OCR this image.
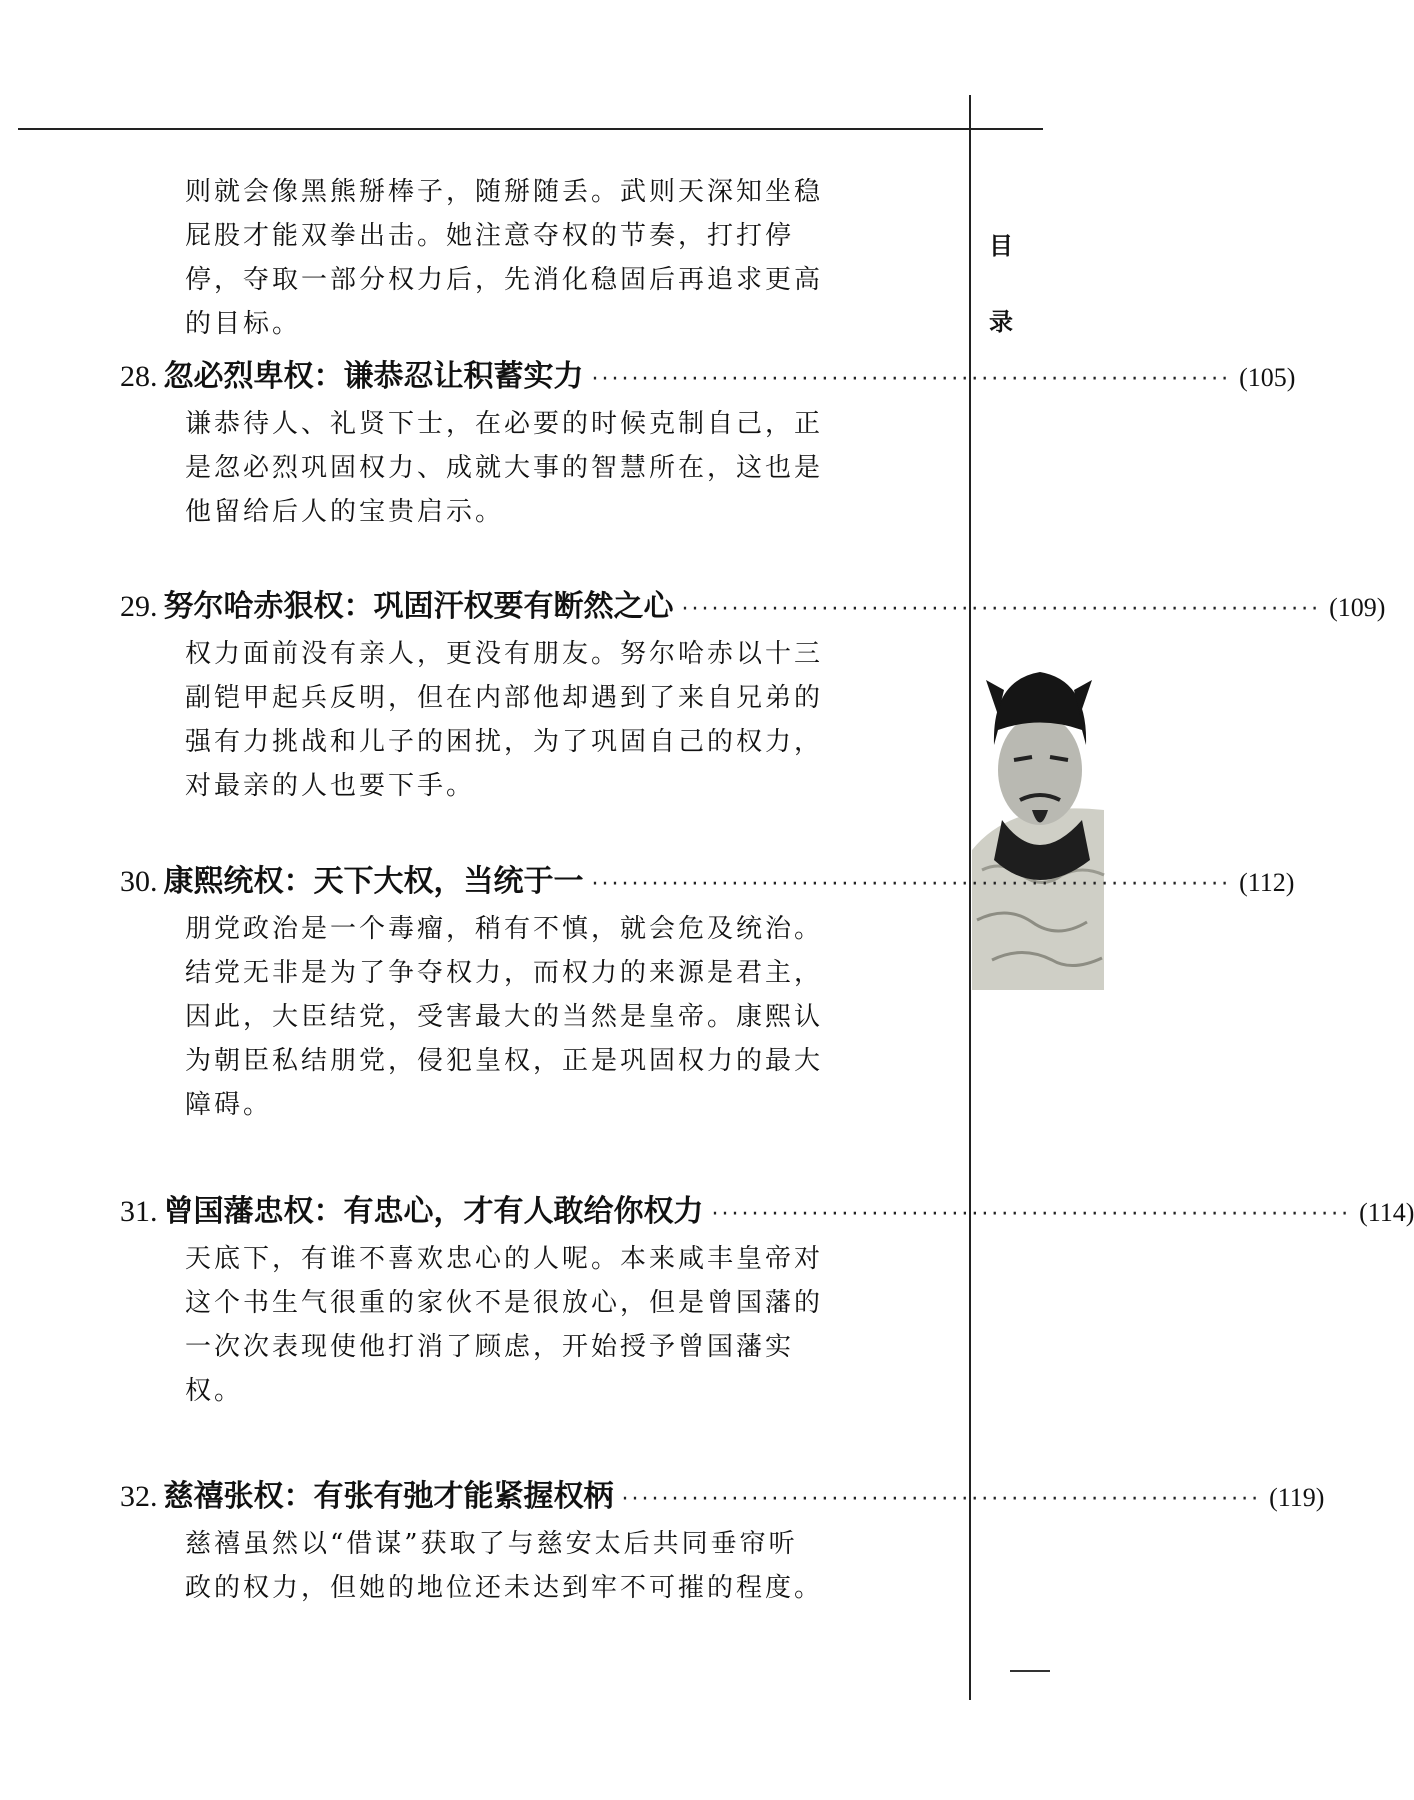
目
录
则就会像黑熊掰棒子，随掰随丢。武则天深知坐稳
屁股才能双拳出击。她注意夺权的节奏，打打停
停，夺取一部分权力后，先消化稳固后再追求更高
的目标。
28. 忽必烈卑权：谦恭忍让积蓄实力 ································································ (105)
谦恭待人、礼贤下士，在必要的时候克制自己，正
是忽必烈巩固权力、成就大事的智慧所在，这也是
他留给后人的宝贵启示。
29. 努尔哈赤狠权：巩固汗权要有断然之心 ································································ (109)
权力面前没有亲人，更没有朋友。努尔哈赤以十三
副铠甲起兵反明，但在内部他却遇到了来自兄弟的
强有力挑战和儿子的困扰，为了巩固自己的权力，
对最亲的人也要下手。
30. 康熙统权：天下大权，当统于一 ································································ (112)
朋党政治是一个毒瘤，稍有不慎，就会危及统治。
结党无非是为了争夺权力，而权力的来源是君主，
因此，大臣结党，受害最大的当然是皇帝。康熙认
为朝臣私结朋党，侵犯皇权，正是巩固权力的最大
障碍。
31. 曾国藩忠权：有忠心，才有人敢给你权力 ································································ (114)
天底下，有谁不喜欢忠心的人呢。本来咸丰皇帝对
这个书生气很重的家伙不是很放心，但是曾国藩的
一次次表现使他打消了顾虑，开始授予曾国藩实
权。
32. 慈禧张权：有张有弛才能紧握权柄 ································································ (119)
慈禧虽然以“借谋”获取了与慈安太后共同垂帘听
政的权力，但她的地位还未达到牢不可摧的程度。
